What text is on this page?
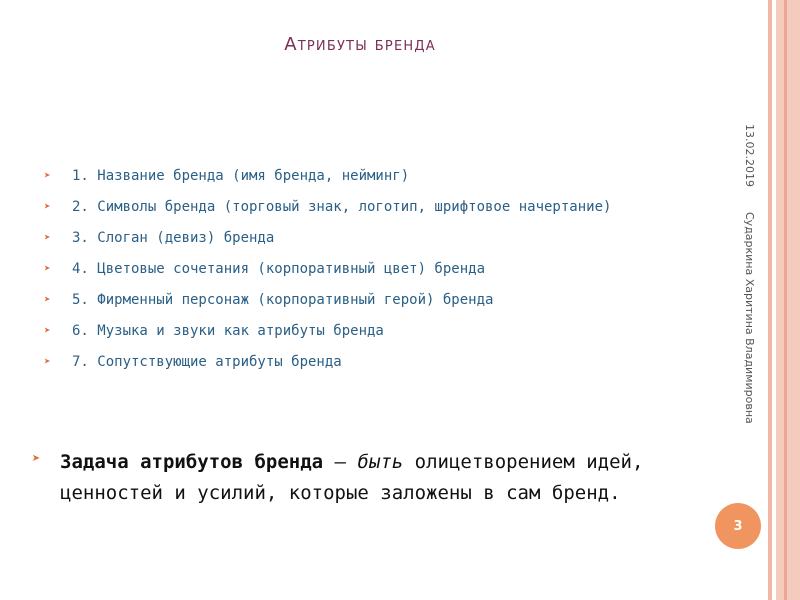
Атрибуты бренда
13.02.2019
Сударкина Харитина Владимировна
➤ 1. Название бренда (имя бренда, нейминг)
➤ 2. Символы бренда (торговый знак, логотип, шрифтовое начертание)
➤ 3. Слоган (девиз) бренда
➤ 4. Цветовые сочетания (корпоративный цвет) бренда
➤ 5. Фирменный персонаж (корпоративный герой) бренда
➤ 6. Музыка и звуки как атрибуты бренда
➤ 7. Сопутствующие атрибуты бренда
➤ Задача атрибутов бренда — быть олицетворением идей, ценностей и усилий, которые заложены в сам бренд.
3
